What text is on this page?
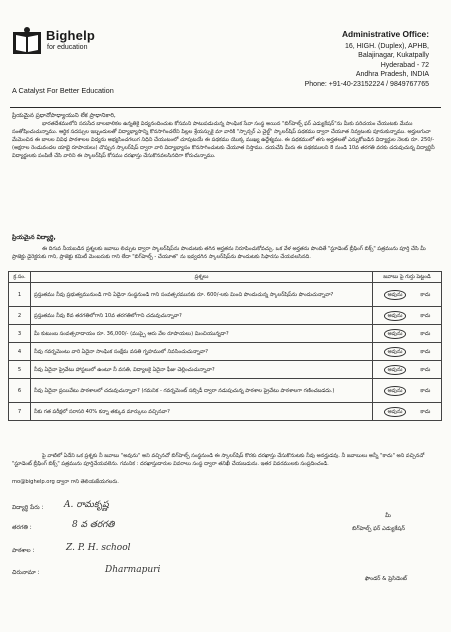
Bighelp
for education
A Catalyst For Better Education
Administrative Office:
16, HIGH. (Duplex), APHB,
Balajinagar, Kukatpally
Hyderabad - 72
Andhra Pradesh, INDIA
Phone: +91-40-23152224 / 9849767765
ప్రియమైన ప్రధానోపాధ్యాయుని లేక ప్రాధానికారి,
భారతదేశములోని సరుసేద బాలబాలికల ఉన్నతికై విద్యనందించుట కోసమని పాటుపడుచున్న సాంఘిక సేవా సంస్థ అయిన "బిగ్‌హెల్ప్ ఫర్ ఎడ్యుకేషన్"ను మీకు పరిచయం చేయుటకు మేము సంతోషించుచున్నాము. ఆర్థిక సదస్సుల ఇబ్బందులతో విద్యాభ్యాసాన్ని కొనసాగించలేని పిల్లల శ్రేయస్సుకై మా వారికి "స్పాన్సర్ ఎ చైల్డ్" స్కాలర్‌షిప్ పథకము ద్వారా చేయూత నివ్వటంకు పూనుకున్నాము. అర్హులగుచా మేమెంచిన ఈ బాలల వివిధ పాఠశాలల విద్యను అభ్యసించగలుగ నిధిని చేయుటంలో చూపుటయే ఈ పథకము యొక్క ముఖ్య ఉద్దేశ్యము. ఈ పథకములో తగు అర్హతలతో ఎన్నుకోబడిన విద్యార్థుల నెలకు రూ. 250/- (అక్షరాల రెండువందల యాభై రూపాయలు) చొప్పున స్కాలర్‌షిప్ ద్వారా వారి విద్యాభ్యాసం కొనసాగించుటకు చేయూత నిస్తాము. దయచేసి మీరు ఈ పథకములని 8 నుండి 10వ తరగతి వరకు చదువుచున్న విద్యార్థినీ విద్యార్థులకు పంపిణీ చేసి వారిని ఈ స్కాలర్‌షిప్ కోసము దరఖాస్తు చేసుకొనవలసినదిగా కోరుచున్నాము.
ప్రియమైన విద్యార్థి,
ఈ దిగువ నీయబడిన ప్రశ్నలకు జవాబు లిచ్చుట ద్వారా స్కాలర్‌షిప్‌ను పొందుటకు తగిన అర్హతను నిరూపించుకోవచ్చు. ఒక వేళ అర్హతను పొందితే "స్టూడెంట్ బ్రీఫింగ్ బిక్స్" పత్రమును పూర్తి చేసి మీ ప్రాజెక్టు డైరెక్టరుకు గాని, ప్రాజెక్టు కమిటీ మెంబరుకు గాని లేదా "బిగ్‌హెల్ప్ - చేయూత" ను ఇవ్వదగిన స్కాలర్‌షిప్‌ను పొందుటకు సిఫారసు చేయవలసినది.
క్ర.సం.	ప్రశ్నలు	జవాబు పై గుర్తు పెట్టండి
1	ప్రస్తుతము నీవు ప్రభుత్వమునుండి గాని ఏదైనా సంస్థనుండి గాని సంవత్సరమునకు రూ. 600/-లకు మించి పొందుచున్న స్కాలర్‌షిప్‌ను పొందుచున్నావా?	అవును కాదు
2	ప్రస్తుతము నీవు 8వ తరగతిలోగాని 10వ తరగతిలోగాని చదువుచున్నావా?	అవును కాదు
3	మీ కుటుంబ సంవత్సరాదాయం రూ. 36,000/- (ముప్పై ఆరు వేల రూపాయలు) మించియున్నదా?	అవును కాదు
4	నీవు గవర్నమెంటు వారి ఏదైనా సాంఘిక సంక్షేమ వసతి గృహములో నివసించుచున్నావా?	అవును కాదు
5	నీవు ఏదైనా ప్రైవేటు హాస్టలులో ఉంటూ నీ వసతి, విద్యాలకై ఏదైనా ఫీజు చెల్లించుచున్నావా?	అవును కాదు
6	నీవు ఏదైనా ప్రయివేటు పాఠశాలలో చదువుచున్నావా? (గమనిక - గవర్నమెంట్ సబ్సిడీ ద్వారా నడుపుచున్న పాఠశాల ప్రైవేటు పాఠశాలగా గణించబడదు.)	అవును కాదు
7	నీకు గత పరీక్షలో సరాసరి 40% కన్నా తక్కువ మార్కులు వచ్చినవా?	అవును కాదు
పై వాటిలో ఏదేని ఒక ప్రశ్నకు నీ జవాబు "అవును" అని వచ్చినచో బిగ్‌హెల్ప్ సంస్థనుండి ఈ స్కాలర్‌షిప్ కొరకు దరఖాస్తు చేసుకొనుటకు నీవు అనర్హుడవు. నీ జవాబులు అన్నీ "కాదు" అని వచ్చినచో "స్టూడెంట్ బ్రీఫింగ్ బిక్స్" పత్రమును పూర్తిచేయవలెను. గమనిక : దరఖాస్తుదారుల వివరాలు సంస్థ ద్వారా తనిఖీ చేయబడును. ఇతర వివరములకు సంప్రదించండి.
mo@bighelp.org ద్వారా గాని తెలియజేయగలరు.
విద్యార్థి పేరు :	A. రామకృష్ణ
తరగతి :	8 వ తరగతి
పాఠశాల :	Z. P. H. school
చిరునామా :	Dharmapuri
మీ
బిగ్‌హెల్ప్ ఫర్ ఎడ్యుకేషన్
ఫౌండర్ & ప్రెసిడెంట్
